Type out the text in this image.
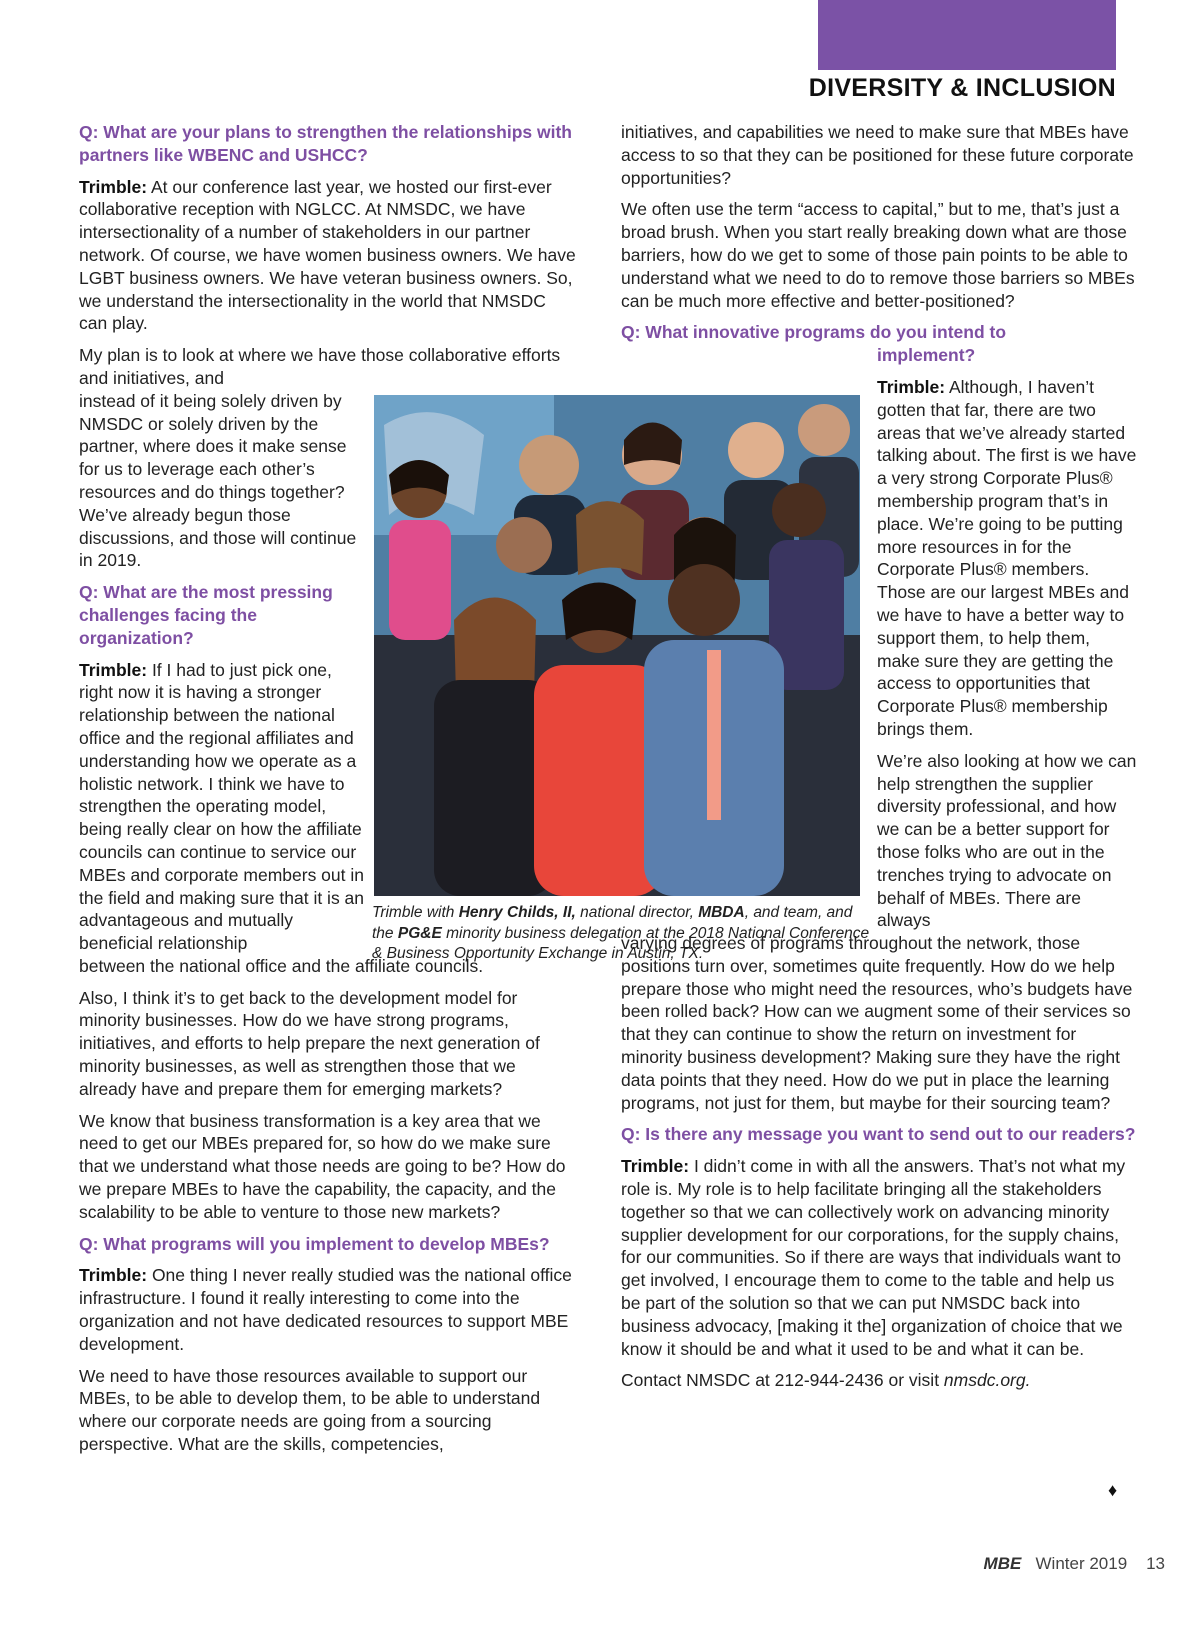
DIVERSITY & INCLUSION

Q: What are your plans to strengthen the relationships with partners like WBENC and USHCC?

Trimble: At our conference last year, we hosted our first-ever collaborative reception with NGLCC. At NMSDC, we have intersectionality of a number of stakeholders in our partner network. Of course, we have women business owners. We have LGBT business owners. We have veteran business owners. So, we understand the intersectionality in the world that NMSDC can play.

My plan is to look at where we have those collaborative efforts and initiatives, and

instead of it being solely driven by NMSDC or solely driven by the partner, where does it make sense for us to leverage each other’s resources and do things together? We’ve already begun those discussions, and those will continue in 2019.

Q: What are the most pressing challenges facing the organization?

Trimble: If I had to just pick one, right now it is having a stronger relationship between the national office and the regional affiliates and understanding how we operate as a holistic network. I think we have to strengthen the operating model, being really clear on how the affiliate councils can continue to service our MBEs and corporate members out in the field and making sure that it is an advantageous and mutually beneficial relationship

between the national office and the affiliate councils.

Also, I think it’s to get back to the development model for minority businesses. How do we have strong programs, initiatives, and efforts to help prepare the next generation of minority businesses, as well as strengthen those that we already have and prepare them for emerging markets?

We know that business transformation is a key area that we need to get our MBEs prepared for, so how do we make sure that we understand what those needs are going to be? How do we prepare MBEs to have the capability, the capacity, and the scalability to be able to venture to those new markets?

Q: What programs will you implement to develop MBEs?

Trimble: One thing I never really studied was the national office infrastructure. I found it really interesting to come into the organization and not have dedicated resources to support MBE development.

We need to have those resources available to support our MBEs, to be able to develop them, to be able to understand where our corporate needs are going from a sourcing perspective. What are the skills, competencies,

initiatives, and capabilities we need to make sure that MBEs have access to so that they can be positioned for these future corporate opportunities?

We often use the term “access to capital,” but to me, that’s just a broad brush. When you start really breaking down what are those barriers, how do we get to some of those pain points to be able to understand what we need to do to remove those barriers so MBEs can be much more effective and better-positioned?

Q: What innovative programs do you intend to

implement?

Trimble: Although, I haven’t gotten that far, there are two areas that we’ve already started talking about. The first is we have a very strong Corporate Plus® membership program that’s in place. We’re going to be putting more resources in for the Corporate Plus® members. Those are our largest MBEs and we have to have a better way to support them, to help them, make sure they are getting the access to opportunities that Corporate Plus® membership brings them.

We’re also looking at how we can help strengthen the supplier diversity professional, and how we can be a better support for those folks who are out in the trenches trying to advocate on behalf of MBEs. There are always

varying degrees of programs throughout the network, those positions turn over, sometimes quite frequently. How do we help prepare those who might need the resources, who’s budgets have been rolled back? How can we augment some of their services so that they can continue to show the return on investment for minority business development? Making sure they have the right data points that they need. How do we put in place the learning programs, not just for them, but maybe for their sourcing team?

Q: Is there any message you want to send out to our readers?

Trimble: I didn’t come in with all the answers. That’s not what my role is. My role is to help facilitate bringing all the stakeholders together so that we can collectively work on advancing minority supplier development for our corporations, for the supply chains, for our communities. So if there are ways that individuals want to get involved, I encourage them to come to the table and help us be part of the solution so that we can put NMSDC back into business advocacy, [making it the] organization of choice that we know it should be and what it used to be and what it can be.

Contact NMSDC at 212-944-2436 or visit nmsdc.org.

♦
Trimble with Henry Childs, II, national director, MBDA, and team, and the PG&E minority business delegation at the 2018 National Conference & Business Opportunity Exchange in Austin, TX.
MBE Winter 2019 13
